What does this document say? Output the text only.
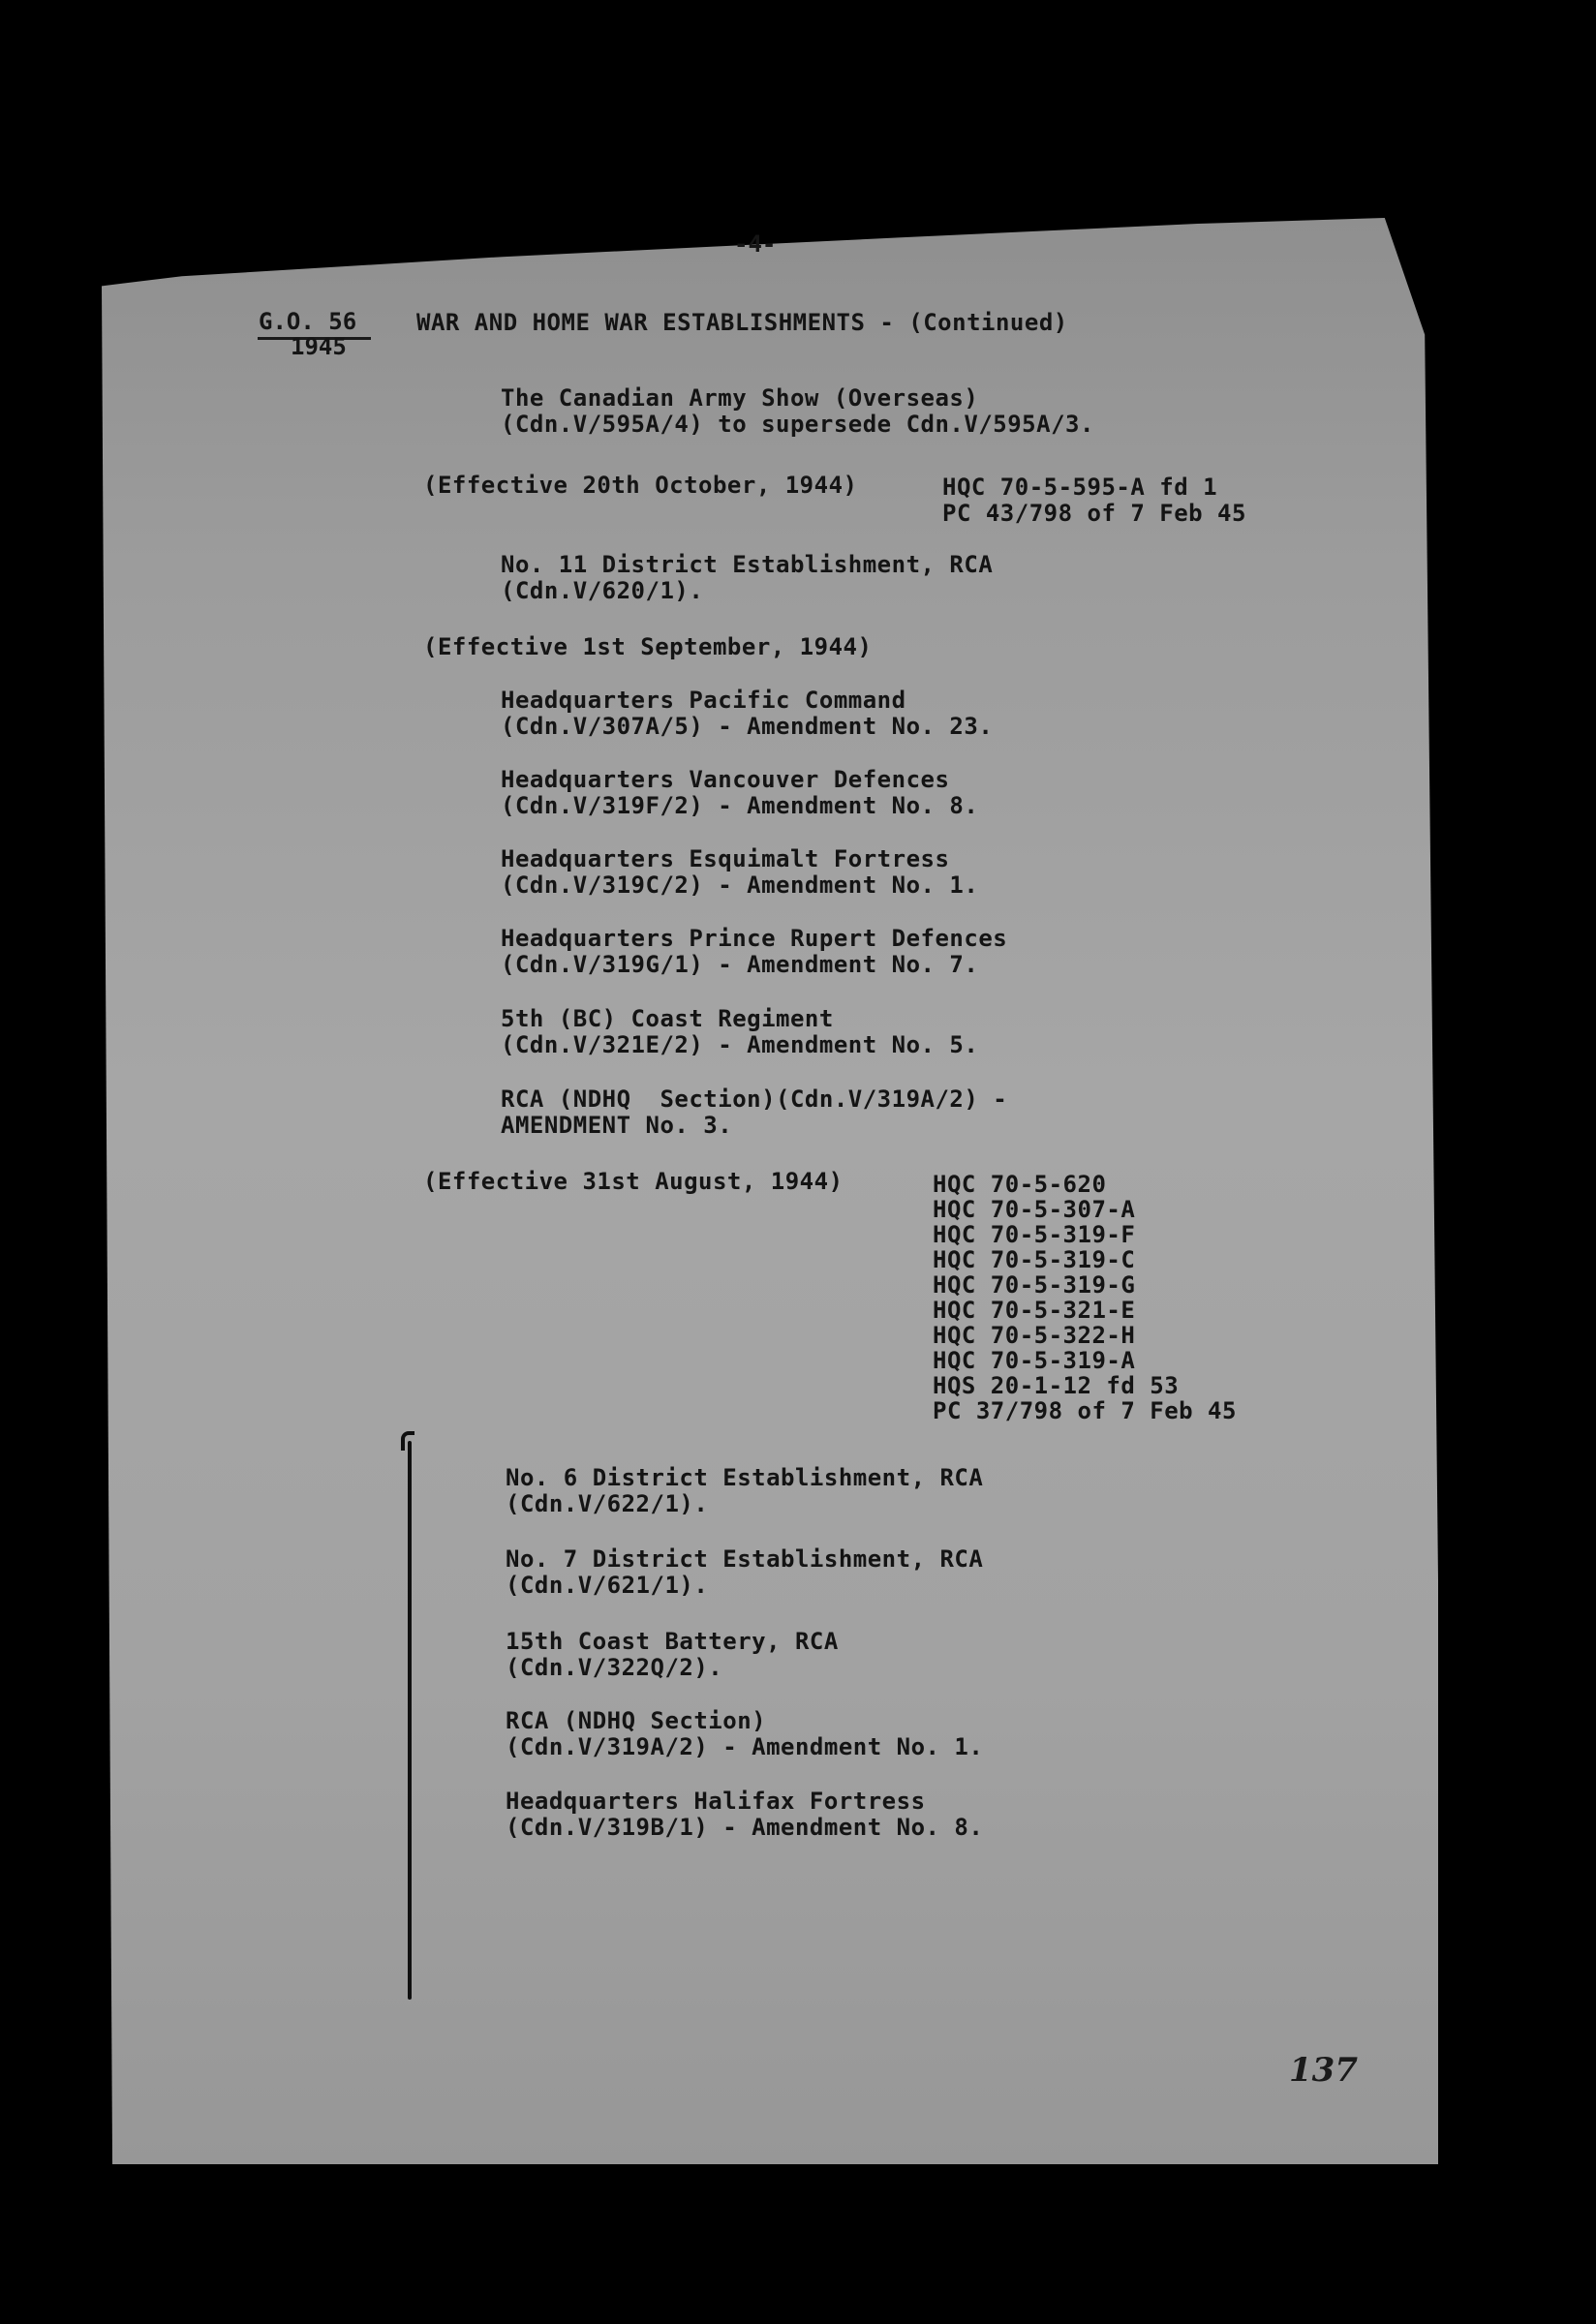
-4-
G.O. 56
1945
WAR AND HOME WAR ESTABLISHMENTS - (Continued)
The Canadian Army Show (Overseas)
(Cdn.V/595A/4) to supersede Cdn.V/595A/3.
(Effective 20th October, 1944)	HQC 70-5-595-A fd 1
PC 43/798 of 7 Feb 45
No. 11 District Establishment, RCA
(Cdn.V/620/1).
(Effective 1st September, 1944)
Headquarters Pacific Command
(Cdn.V/307A/5) - Amendment No. 23.
Headquarters Vancouver Defences
(Cdn.V/319F/2) - Amendment No. 8.
Headquarters Esquimalt Fortress
(Cdn.V/319C/2) - Amendment No. 1.
Headquarters Prince Rupert Defences
(Cdn.V/319G/1) - Amendment No. 7.
5th (BC) Coast Regiment
(Cdn.V/321E/2) - Amendment No. 5.
RCA (NDHQ  Section)(Cdn.V/319A/2) -
AMENDMENT No. 3.
(Effective 31st August, 1944)	HQC 70-5-620
HQC 70-5-307-A
HQC 70-5-319-F
HQC 70-5-319-C
HQC 70-5-319-G
HQC 70-5-321-E
HQC 70-5-322-H
HQC 70-5-319-A
HQS 20-1-12 fd 53
PC 37/798 of 7 Feb 45
No. 6 District Establishment, RCA
(Cdn.V/622/1).
No. 7 District Establishment, RCA
(Cdn.V/621/1).
15th Coast Battery, RCA
(Cdn.V/322Q/2).
RCA (NDHQ Section)
(Cdn.V/319A/2) - Amendment No. 1.
Headquarters Halifax Fortress
(Cdn.V/319B/1) - Amendment No. 8.
137
